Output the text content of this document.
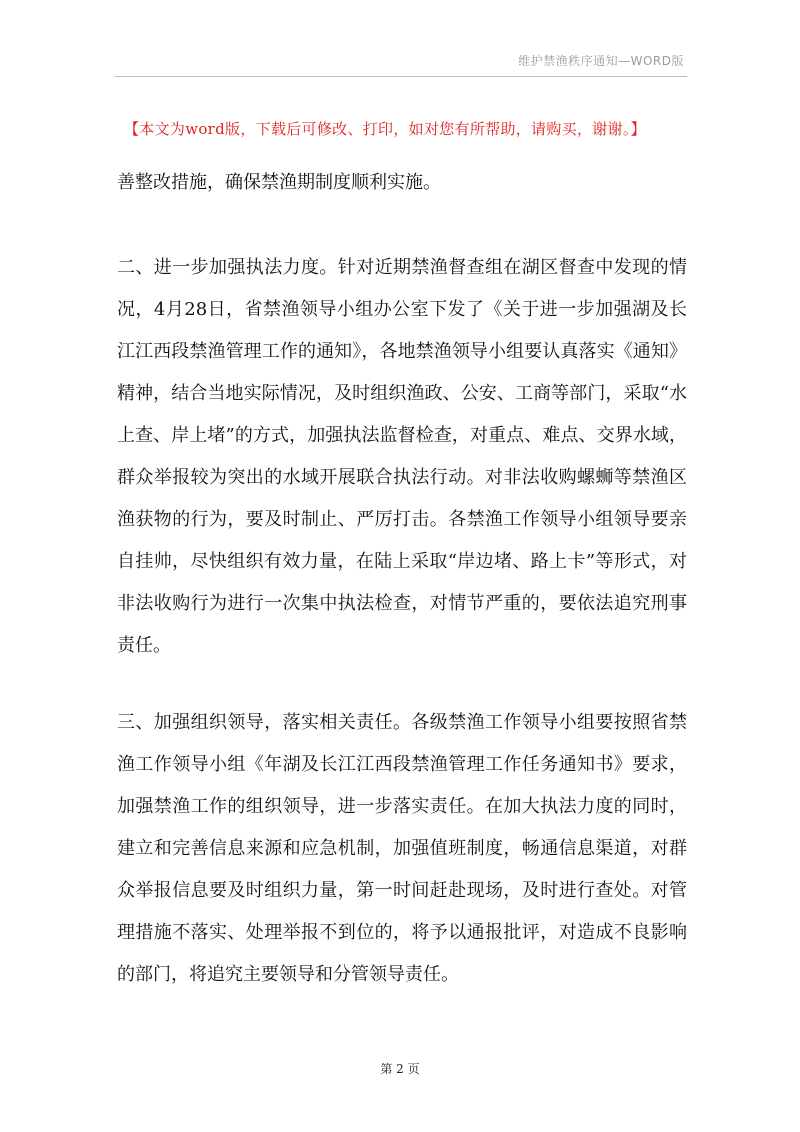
维护禁渔秩序通知—WORD版
【本文为word版，下载后可修改、打印，如对您有所帮助，请购买，谢谢。】

善整改措施，确保禁渔期制度顺利实施。

二、进一步加强执法力度。针对近期禁渔督查组在湖区督查中发现的情况，4月28日，省禁渔领导小组办公室下发了《关于进一步加强湖及长江江西段禁渔管理工作的通知》，各地禁渔领导小组要认真落实《通知》精神，结合当地实际情况，及时组织渔政、公安、工商等部门，采取“水上查、岸上堵”的方式，加强执法监督检查，对重点、难点、交界水域，群众举报较为突出的水域开展联合执法行动。对非法收购螺蛳等禁渔区渔获物的行为，要及时制止、严厉打击。各禁渔工作领导小组领导要亲自挂帅，尽快组织有效力量，在陆上采取“岸边堵、路上卡”等形式，对非法收购行为进行一次集中执法检查，对情节严重的，要依法追究刑事责任。

三、加强组织领导，落实相关责任。各级禁渔工作领导小组要按照省禁渔工作领导小组《年湖及长江江西段禁渔管理工作任务通知书》要求，加强禁渔工作的组织领导，进一步落实责任。在加大执法力度的同时，建立和完善信息来源和应急机制，加强值班制度，畅通信息渠道，对群众举报信息要及时组织力量，第一时间赶赴现场，及时进行查处。对管理措施不落实、处理举报不到位的，将予以通报批评，对造成不良影响的部门，将追究主要领导和分管领导责任。

第 2 页
